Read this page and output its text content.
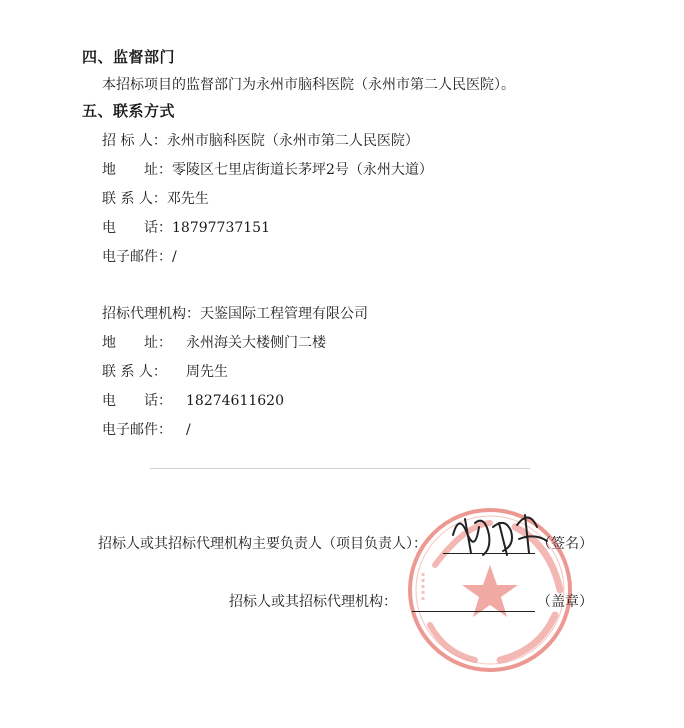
四、监督部门
本招标项目的监督部门为永州市脑科医院（永州市第二人民医院）。
五、联系方式
招 标 人：永州市脑科医院（永州市第二人民医院）
地　　址：零陵区七里店街道长茅坪2号（永州大道）
联 系 人：邓先生
电　　话：18797737151
电子邮件：/
招标代理机构：天鉴国际工程管理有限公司
地　　址： 永州海关大楼侧门二楼
联 系 人： 周先生
电　　话： 18274611620
电子邮件： /
招标人或其招标代理机构主要负责人（项目负责人）：	（签名）
招标人或其招标代理机构：	（盖章）
